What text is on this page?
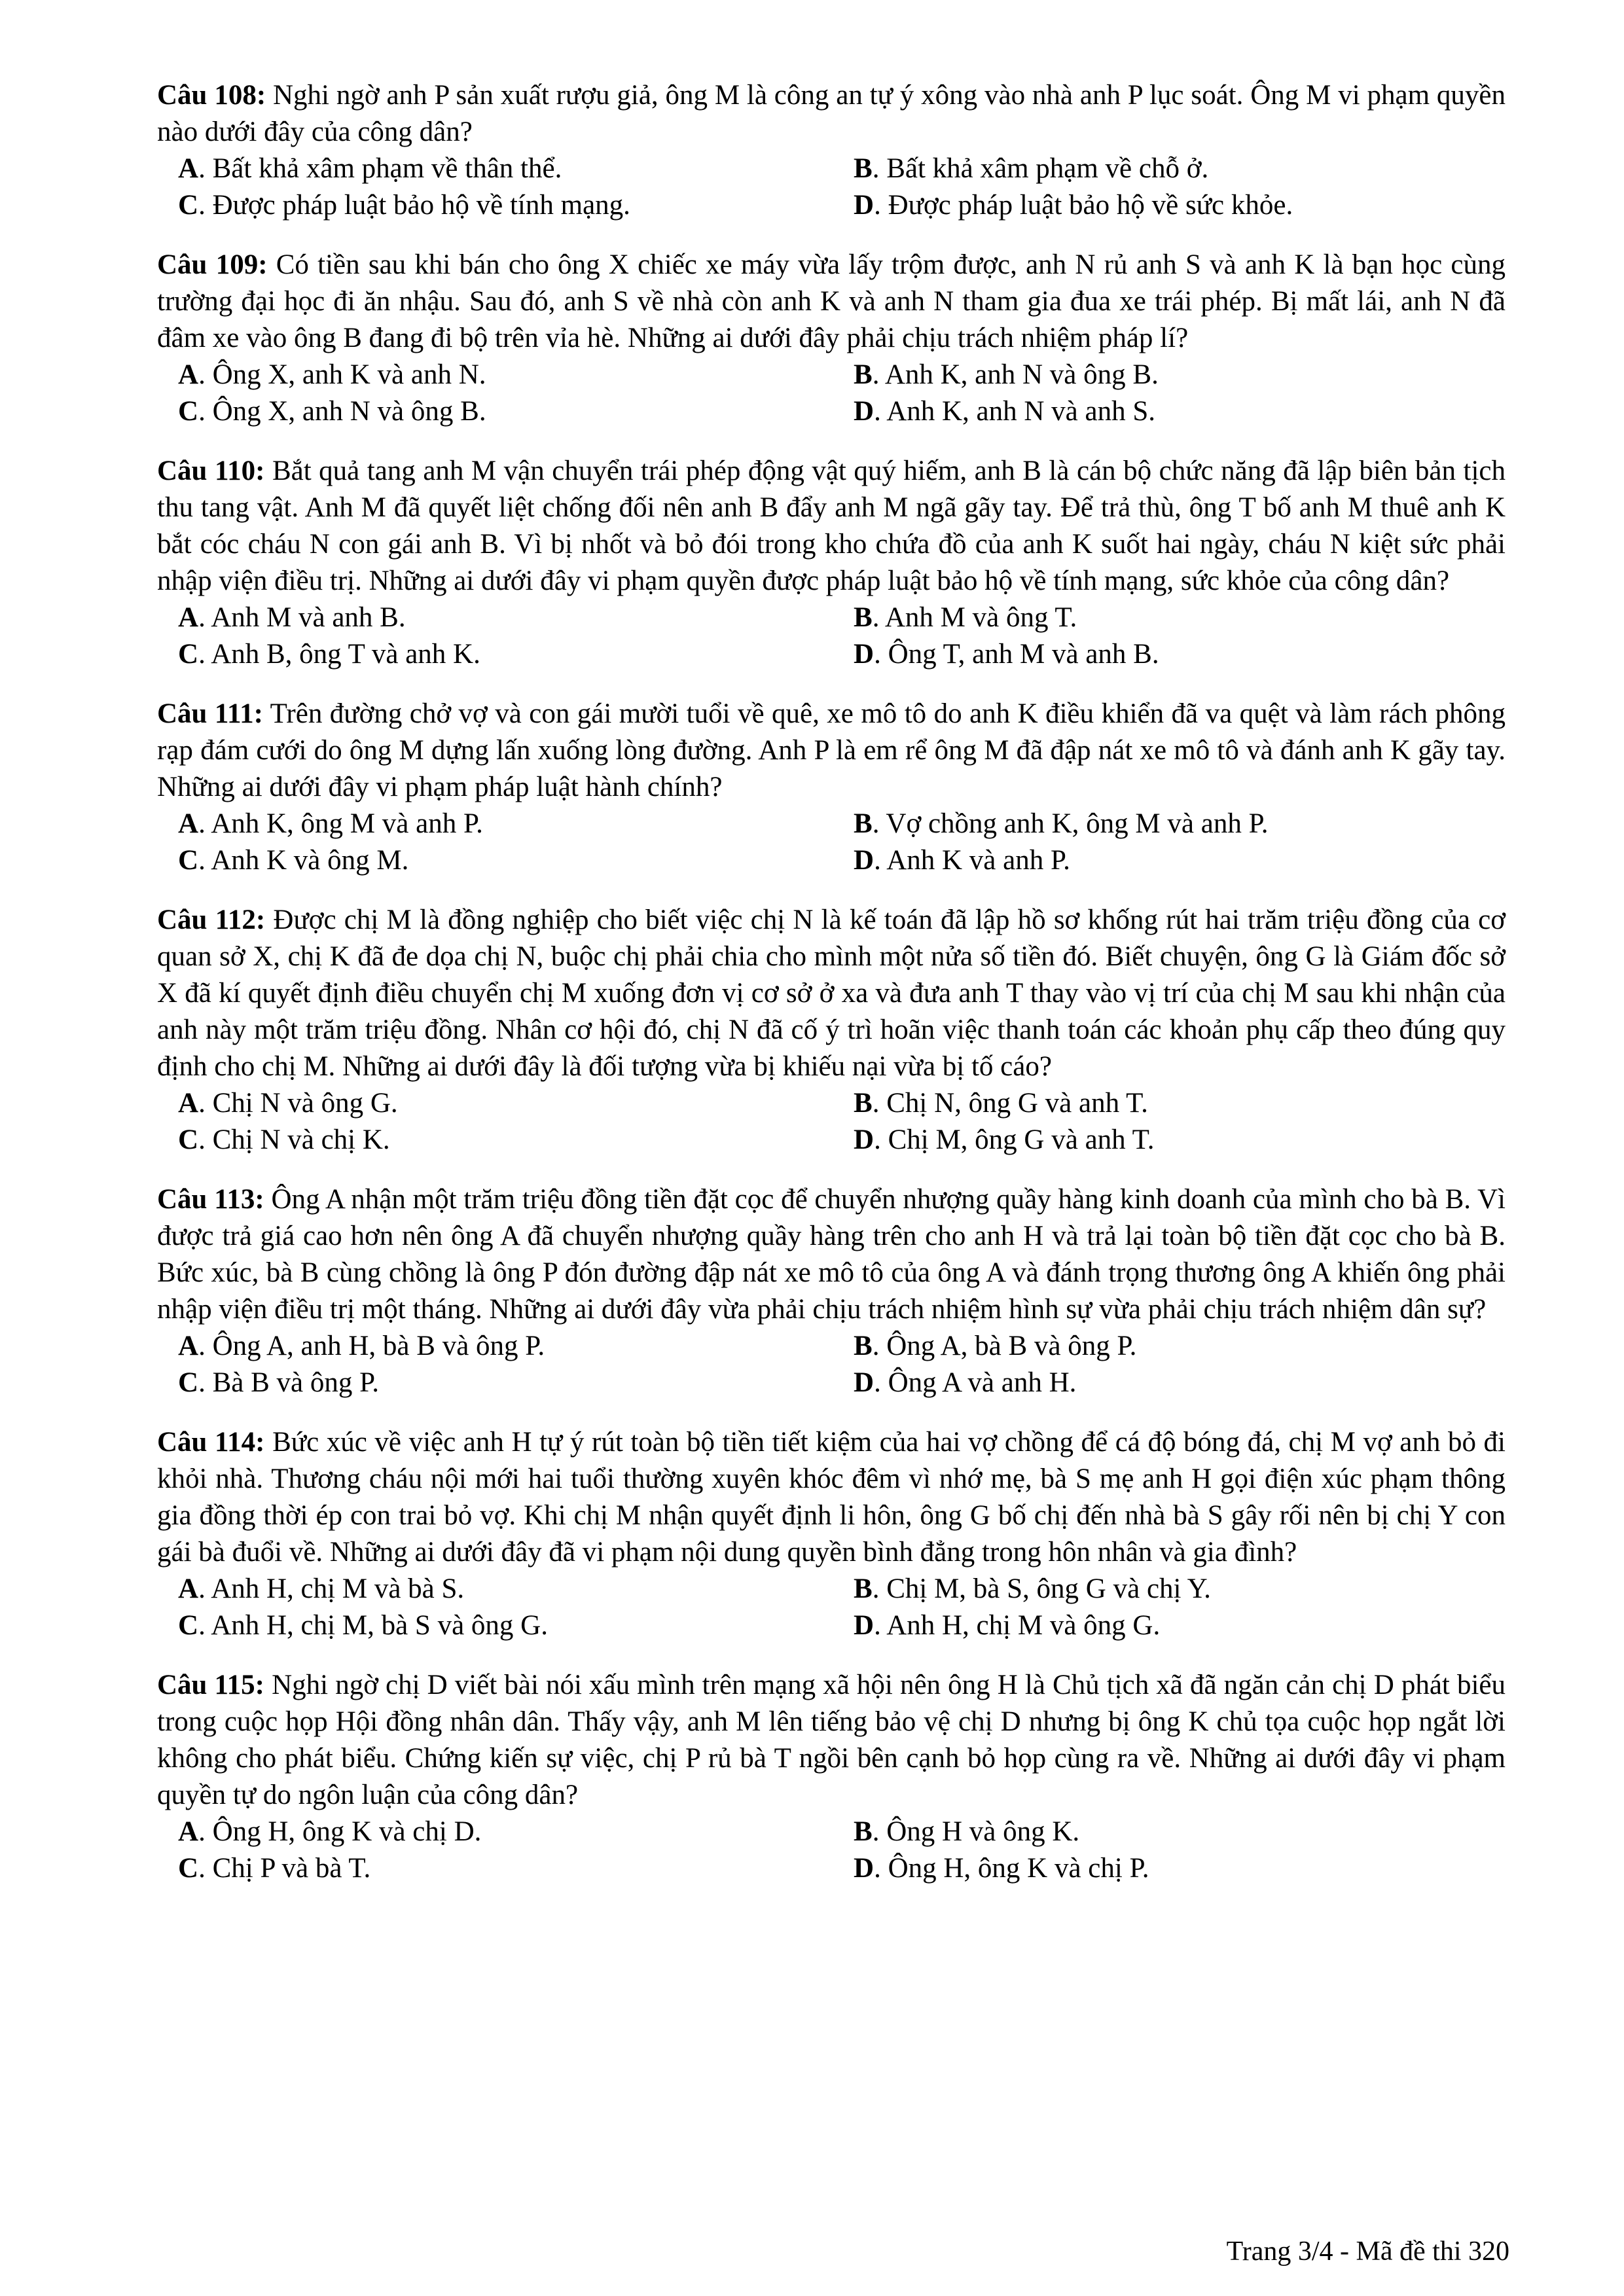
Câu 108: Nghi ngờ anh P sản xuất rượu giả, ông M là công an tự ý xông vào nhà anh P lục soát. Ông M vi phạm quyền nào dưới đây của công dân?
A. Bất khả xâm phạm về thân thể.	B. Bất khả xâm phạm về chỗ ở.
C. Được pháp luật bảo hộ về tính mạng.	D. Được pháp luật bảo hộ về sức khỏe.
Câu 109: Có tiền sau khi bán cho ông X chiếc xe máy vừa lấy trộm được, anh N rủ anh S và anh K là bạn học cùng trường đại học đi ăn nhậu. Sau đó, anh S về nhà còn anh K và anh N tham gia đua xe trái phép. Bị mất lái, anh N đã đâm xe vào ông B đang đi bộ trên vỉa hè. Những ai dưới đây phải chịu trách nhiệm pháp lí?
A. Ông X, anh K và anh N.	B. Anh K, anh N và ông B.
C. Ông X, anh N và ông B.	D. Anh K, anh N và anh S.
Câu 110: Bắt quả tang anh M vận chuyển trái phép động vật quý hiếm, anh B là cán bộ chức năng đã lập biên bản tịch thu tang vật. Anh M đã quyết liệt chống đối nên anh B đẩy anh M ngã gãy tay. Để trả thù, ông T bố anh M thuê anh K bắt cóc cháu N con gái anh B. Vì bị nhốt và bỏ đói trong kho chứa đồ của anh K suốt hai ngày, cháu N kiệt sức phải nhập viện điều trị. Những ai dưới đây vi phạm quyền được pháp luật bảo hộ về tính mạng, sức khỏe của công dân?
A. Anh M và anh B.	B. Anh M và ông T.
C. Anh B, ông T và anh K.	D. Ông T, anh M và anh B.
Câu 111: Trên đường chở vợ và con gái mười tuổi về quê, xe mô tô do anh K điều khiển đã va quệt và làm rách phông rạp đám cưới do ông M dựng lấn xuống lòng đường. Anh P là em rể ông M đã đập nát xe mô tô và đánh anh K gãy tay. Những ai dưới đây vi phạm pháp luật hành chính?
A. Anh K, ông M và anh P.	B. Vợ chồng anh K, ông M và anh P.
C. Anh K và ông M.	D. Anh K và anh P.
Câu 112: Được chị M là đồng nghiệp cho biết việc chị N là kế toán đã lập hồ sơ khống rút hai trăm triệu đồng của cơ quan sở X, chị K đã đe dọa chị N, buộc chị phải chia cho mình một nửa số tiền đó. Biết chuyện, ông G là Giám đốc sở X đã kí quyết định điều chuyển chị M xuống đơn vị cơ sở ở xa và đưa anh T thay vào vị trí của chị M sau khi nhận của anh này một trăm triệu đồng. Nhân cơ hội đó, chị N đã cố ý trì hoãn việc thanh toán các khoản phụ cấp theo đúng quy định cho chị M. Những ai dưới đây là đối tượng vừa bị khiếu nại vừa bị tố cáo?
A. Chị N và ông G.	B. Chị N, ông G và anh T.
C. Chị N và chị K.	D. Chị M, ông G và anh T.
Câu 113: Ông A nhận một trăm triệu đồng tiền đặt cọc để chuyển nhượng quầy hàng kinh doanh của mình cho bà B. Vì được trả giá cao hơn nên ông A đã chuyển nhượng quầy hàng trên cho anh H và trả lại toàn bộ tiền đặt cọc cho bà B. Bức xúc, bà B cùng chồng là ông P đón đường đập nát xe mô tô của ông A và đánh trọng thương ông A khiến ông phải nhập viện điều trị một tháng. Những ai dưới đây vừa phải chịu trách nhiệm hình sự vừa phải chịu trách nhiệm dân sự?
A. Ông A, anh H, bà B và ông P.	B. Ông A, bà B và ông P.
C. Bà B và ông P.	D. Ông A và anh H.
Câu 114: Bức xúc về việc anh H tự ý rút toàn bộ tiền tiết kiệm của hai vợ chồng để cá độ bóng đá, chị M vợ anh bỏ đi khỏi nhà. Thương cháu nội mới hai tuổi thường xuyên khóc đêm vì nhớ mẹ, bà S mẹ anh H gọi điện xúc phạm thông gia đồng thời ép con trai bỏ vợ. Khi chị M nhận quyết định li hôn, ông G bố chị đến nhà bà S gây rối nên bị chị Y con gái bà đuổi về. Những ai dưới đây đã vi phạm nội dung quyền bình đẳng trong hôn nhân và gia đình?
A. Anh H, chị M và bà S.	B. Chị M, bà S, ông G và chị Y.
C. Anh H, chị M, bà S và ông G.	D. Anh H, chị M và ông G.
Câu 115: Nghi ngờ chị D viết bài nói xấu mình trên mạng xã hội nên ông H là Chủ tịch xã đã ngăn cản chị D phát biểu trong cuộc họp Hội đồng nhân dân. Thấy vậy, anh M lên tiếng bảo vệ chị D nhưng bị ông K chủ tọa cuộc họp ngắt lời không cho phát biểu. Chứng kiến sự việc, chị P rủ bà T ngồi bên cạnh bỏ họp cùng ra về. Những ai dưới đây vi phạm quyền tự do ngôn luận của công dân?
A. Ông H, ông K và chị D.	B. Ông H và ông K.
C. Chị P và bà T.	D. Ông H, ông K và chị P.
Trang 3/4 - Mã đề thi 320
